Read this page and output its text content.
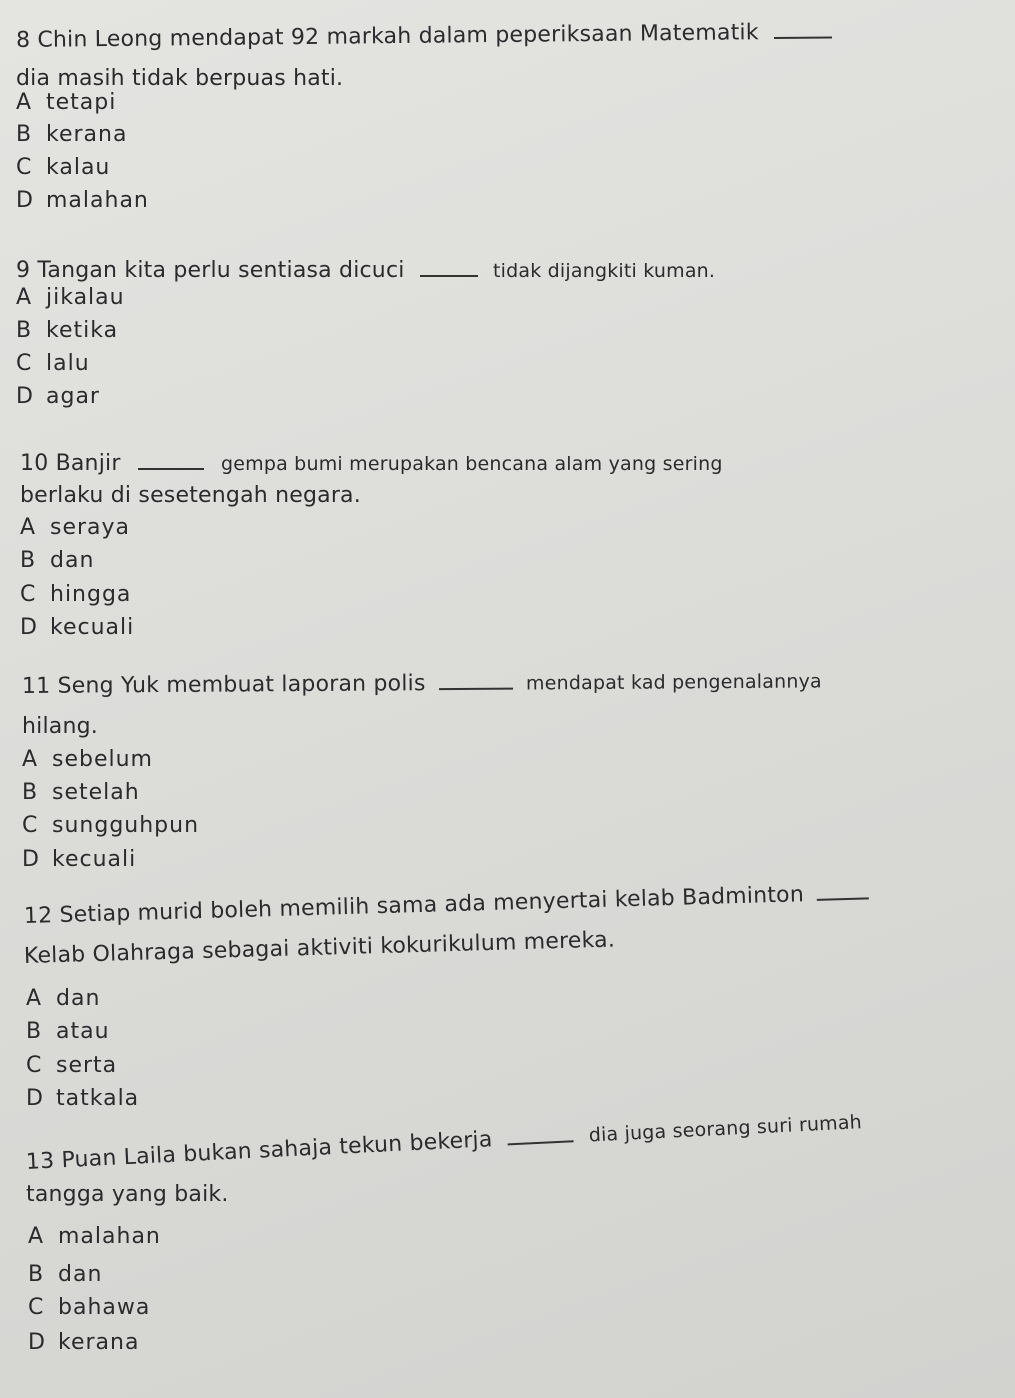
8 Chin Leong mendapat 92 markah dalam peperiksaan Matematik
dia masih tidak berpuas hati.
A tetapi
B kerana
C kalau
D malahan
9 Tangan kita perlu sentiasa dicuci	tidak dijangkiti kuman.
A jikalau
B ketika
C lalu
D agar
10 Banjir	gempa bumi merupakan bencana alam yang sering
berlaku di sesetengah negara.
A seraya
B dan
C hingga
D kecuali
11 Seng Yuk membuat laporan polis	mendapat kad pengenalannya
hilang.
A sebelum
B setelah
C sungguhpun
D kecuali
12 Setiap murid boleh memilih sama ada menyertai kelab Badminton
Kelab Olahraga sebagai aktiviti kokurikulum mereka.
A dan
B atau
C serta
D tatkala
13 Puan Laila bukan sahaja tekun bekerja	dia juga seorang suri rumah
tangga yang baik.
A malahan
B dan
C bahawa
D kerana
